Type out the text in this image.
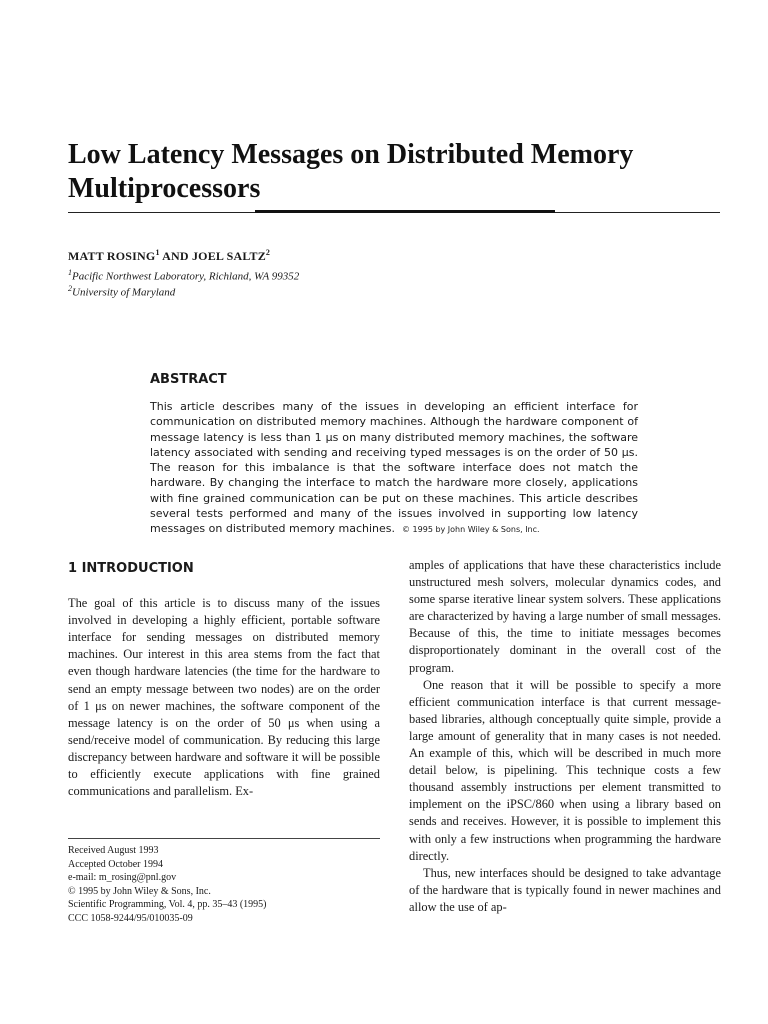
Low Latency Messages on Distributed Memory Multiprocessors
MATT ROSING$^1$ AND JOEL SALTZ$^2$
$^1$Pacific Northwest Laboratory, Richland, WA 99352
$^2$University of Maryland
ABSTRACT

This article describes many of the issues in developing an efficient interface for communication on distributed memory machines. Although the hardware component of message latency is less than 1 μs on many distributed memory machines, the software latency associated with sending and receiving typed messages is on the order of 50 μs. The reason for this imbalance is that the software interface does not match the hardware. By changing the interface to match the hardware more closely, applications with fine grained communication can be put on these machines. This article describes several tests performed and many of the issues involved in supporting low latency messages on distributed memory machines. © 1995 by John Wiley & Sons, Inc.

1 INTRODUCTION

The goal of this article is to discuss many of the issues involved in developing a highly efficient, portable software interface for sending messages on distributed memory machines. Our interest in this area stems from the fact that even though hardware latencies (the time for the hardware to send an empty message between two nodes) are on the order of 1 μs on newer machines, the software component of the message latency is on the order of 50 μs when using a send/receive model of communication. By reducing this large discrepancy between hardware and software it will be possible to efficiently execute applications with fine grained communications and parallelism. Ex-

Received August 1993
Accepted October 1994
e-mail: m_rosing@pnl.gov
© 1995 by John Wiley & Sons, Inc.
Scientific Programming, Vol. 4, pp. 35–43 (1995)
CCC 1058-9244/95/010035-09

amples of applications that have these characteristics include unstructured mesh solvers, molecular dynamics codes, and some sparse iterative linear system solvers. These applications are characterized by having a large number of small messages. Because of this, the time to initiate messages becomes disproportionately dominant in the overall cost of the program.

One reason that it will be possible to specify a more efficient communication interface is that current message-based libraries, although conceptually quite simple, provide a large amount of generality that in many cases is not needed. An example of this, which will be described in much more detail below, is pipelining. This technique costs a few thousand assembly instructions per element transmitted to implement on the iPSC/860 when using a library based on sends and receives. However, it is possible to implement this with only a few instructions when programming the hardware directly.

Thus, new interfaces should be designed to take advantage of the hardware that is typically found in newer machines and allow the use of ap-
